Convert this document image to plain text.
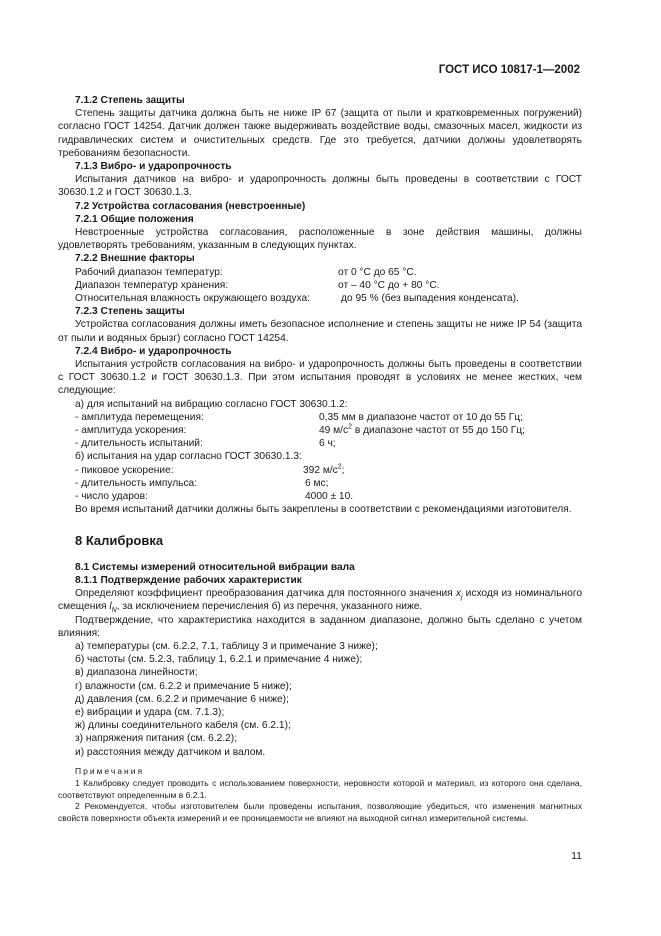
ГОСТ ИСО 10817-1—2002

7.1.2 Степень защиты

Степень защиты датчика должна быть не ниже IP 67 (защита от пыли и кратковременных погружений) согласно ГОСТ 14254. Датчик должен также выдерживать воздействие воды, смазочных масел, жидкости из гидравлических систем и очистительных средств. Где это требуется, датчики должны удовлетворять требованиям безопасности.

7.1.3 Вибро- и ударопрочность

Испытания датчиков на вибро- и ударопрочность должны быть проведены в соответствии с ГОСТ 30630.1.2 и ГОСТ 30630.1.3.

7.2 Устройства согласования (невстроенные)

7.2.1 Общие положения

Невстроенные устройства согласования, расположенные в зоне действия машины, должны удовлетворять требованиям, указанным в следующих пунктах.

7.2.2 Внешние факторы

Рабочий диапазон температур:	от 0 °C до 65 °C.
Диапазон температур хранения:	от – 40 °C до + 80 °C.
Относительная влажность окружающего воздуха:	до 95 % (без выпадения конденсата).

7.2.3 Степень защиты

Устройства согласования должны иметь безопасное исполнение и степень защиты не ниже IP 54 (защита от пыли и водяных брызг) согласно ГОСТ 14254.

7.2.4 Вибро- и ударопрочность

Испытания устройств согласования на вибро- и ударопрочность должны быть проведены в соответствии с ГОСТ 30630.1.2 и ГОСТ 30630.1.3. При этом испытания проводят в условиях не менее жестких, чем следующие:

а) для испытаний на вибрацию согласно ГОСТ 30630.1.2:

- амплитуда перемещения:	0,35 мм в диапазоне частот от 10 до 55 Гц;
- амплитуда ускорения:	49 $м/с^2$ в диапазоне частот от 55 до 150 Гц;
- длительность испытаний:	6 ч;

б) испытания на удар согласно ГОСТ 30630.1.3:

- пиковое ускорение:	392 $м/с^2$;
- длительность импульса:	6 мс;
- число ударов:	4000 ± 10.

Во время испытаний датчики должны быть закреплены в соответствии с рекомендациями изготовителя.

8 Калибровка

8.1 Системы измерений относительной вибрации вала

8.1.1 Подтверждение рабочих характеристик

Определяют коэффициент преобразования датчика для постоянного значения $x_j$ исходя из номинального смещения $l_N$, за исключением перечисления б) из перечня, указанного ниже.

Подтверждение, что характеристика находится в заданном диапазоне, должно быть сделано с учетом влияния:

а) температуры (см. 6.2.2, 7.1, таблицу 3 и примечание 3 ниже);

б) частоты (см. 5.2.3, таблицу 1, 6.2.1 и примечание 4 ниже);

в) диапазона линейности;

г) влажности (см. 6.2.2 и примечание 5 ниже);

д) давления (см. 6.2.2 и примечание 6 ниже);

е) вибрации и удара (см. 7.1.3);

ж) длины соединительного кабеля (см. 6.2.1);

з) напряжения питания (см. 6.2.2);

и) расстояния между датчиком и валом.

Примечания

1 Калибровку следует проводить с использованием поверхности, неровности которой и материал, из которого она сделана, соответствуют определенным в 6.2.1.

2 Рекомендуется, чтобы изготовителем были проведены испытания, позволяющие убедиться, что изменения магнитных свойств поверхности объекта измерений и ее проницаемости не влияют на выходной сигнал измерительной системы.

11
